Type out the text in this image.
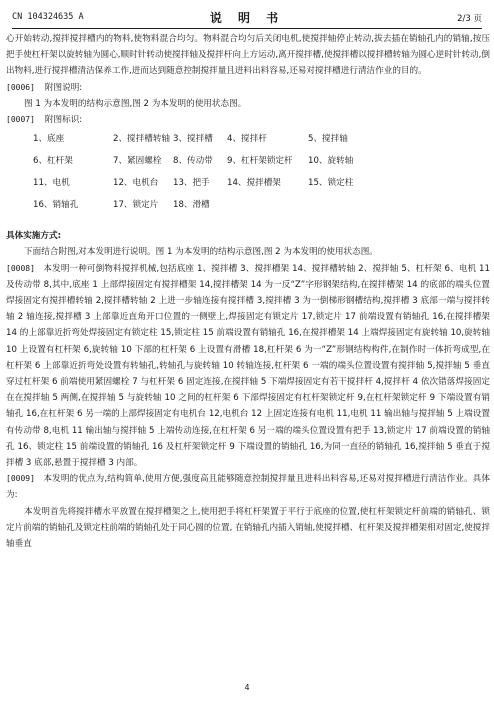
CN 104324635 A	说 明 书	2/3 页

心开始转动,搅拌搅拌槽内的物料,使物料混合均匀。物料混合均匀后关闭电机,使搅拌轴停止转动,拔去插在销轴孔内的销轴,按压把手使杠杆架以旋转轴为圆心,顺时针转动使搅拌轴及搅拌杆向上方运动,离开搅拌槽,使搅拌槽以搅拌槽转轴为圆心逆时针转动,倒出物料,进行搅拌槽清洁保养工作,进而达到随意控制搅拌量且进料出料容易,还易对搅拌槽进行清洁作业的目的。

[0006] 附图说明:

图 1 为本发明的结构示意图,图 2 为本发明的使用状态图。

[0007] 附图标识:

1、底座	2、搅拌槽转轴 3、搅拌槽	4、搅拌杆	5、搅拌轴
6、杠杆架	7、紧固螺栓	8、传动带	9、杠杆架锁定杆	10、旋转轴
11、电机	12、电机台	13、把手	14、搅拌槽架	15、锁定柱
16、销轴孔	17、锁定片	18、滑槽

具体实施方式:

下面结合附图,对本发明进行说明。图 1 为本发明的结构示意图,图 2 为本发明的使用状态图。

[0008] 本发明一种可倒物料搅拌机械,包括底座 1、搅拌槽 3、搅拌槽架 14、搅拌槽转轴 2、搅拌轴 5、杠杆架 6、电机 11 及传动带 8,其中,底座 1 上部焊接固定有搅拌槽架 14,搅拌槽架 14 为一反“Z”字形钢架结构,在搅拌槽架 14 的底部的端头位置焊接固定有搅拌槽转轴 2,搅拌槽转轴 2 上进一步轴连接有搅拌槽 3,搅拌槽 3 为一倒梯形钢槽结构,搅拌槽 3 底部一端与搅拌转轴 2 轴连接,搅拌槽 3 上部靠近直角开口位置的一侧壁上,焊接固定有锁定片 17,锁定片 17 前端设置有销轴孔 16,在搅拌槽架 14 的上部靠近折弯处焊接固定有锁定柱 15,锁定柱 15 前端设置有销轴孔 16,在搅拌槽架 14 上端焊接固定有旋转轴 10,旋转轴 10 上设置有杠杆架 6,旋转轴 10 下部的杠杆架 6 上设置有滑槽 18,杠杆架 6 为一“Z”形钢结构构件,在制作时一体折弯成型,在杠杆架 6 上部靠近折弯处设置有转轴孔,转轴孔与旋转轴 10 转轴连接,杠杆架 6 一端的端头位置设置有搅拌轴 5,搅拌轴 5 垂直穿过杠杆架 6 前端使用紧固螺栓 7 与杠杆架 6 固定连接,在搅拌轴 5 下端焊接固定有若干搅拌杆 4,搅拌杆 4 依次错落焊接固定在在搅拌轴 5 两侧,在搅拌轴 5 与旋转轴 10 之间的杠杆架 6 下部焊接固定有杠杆架锁定杆 9,在杠杆架锁定杆 9 下端设置有销轴孔 16,在杠杆架 6 另一端的上部焊接固定有电机台 12,电机台 12 上固定连接有电机 11,电机 11 输出轴与搅拌轴 5 上端设置有传动带 8,电机 11 输出轴与搅拌轴 5 上端传动连接,在杠杆架 6 另一端的端头位置设置有把手 13,锁定片 17 前端设置的销轴孔 16、锁定柱 15 前端设置的销轴孔 16 及杠杆架锁定杆 9 下端设置的销轴孔 16,为同一直径的销轴孔 16,搅拌轴 5 垂直于搅拌槽 3 底部,悬置于搅拌槽 3 内部。

[0009] 本发明的优点为,结构简单,使用方便,强度高且能够随意控制搅拌量且进料出料容易,还易对搅拌槽进行清洁作业。具体为:

本发明首先将搅拌槽水平放置在搅拌槽架之上,使用把手将杠杆架置于平行于底座的位置,使杠杆架锁定杆前端的销轴孔、锁定片前端的销轴孔及锁定柱前端的销轴孔处于同心圆的位置, 在销轴孔内插入销轴,使搅拌槽、杠杆架及搅拌槽架相对固定,使搅拌轴垂直

4
